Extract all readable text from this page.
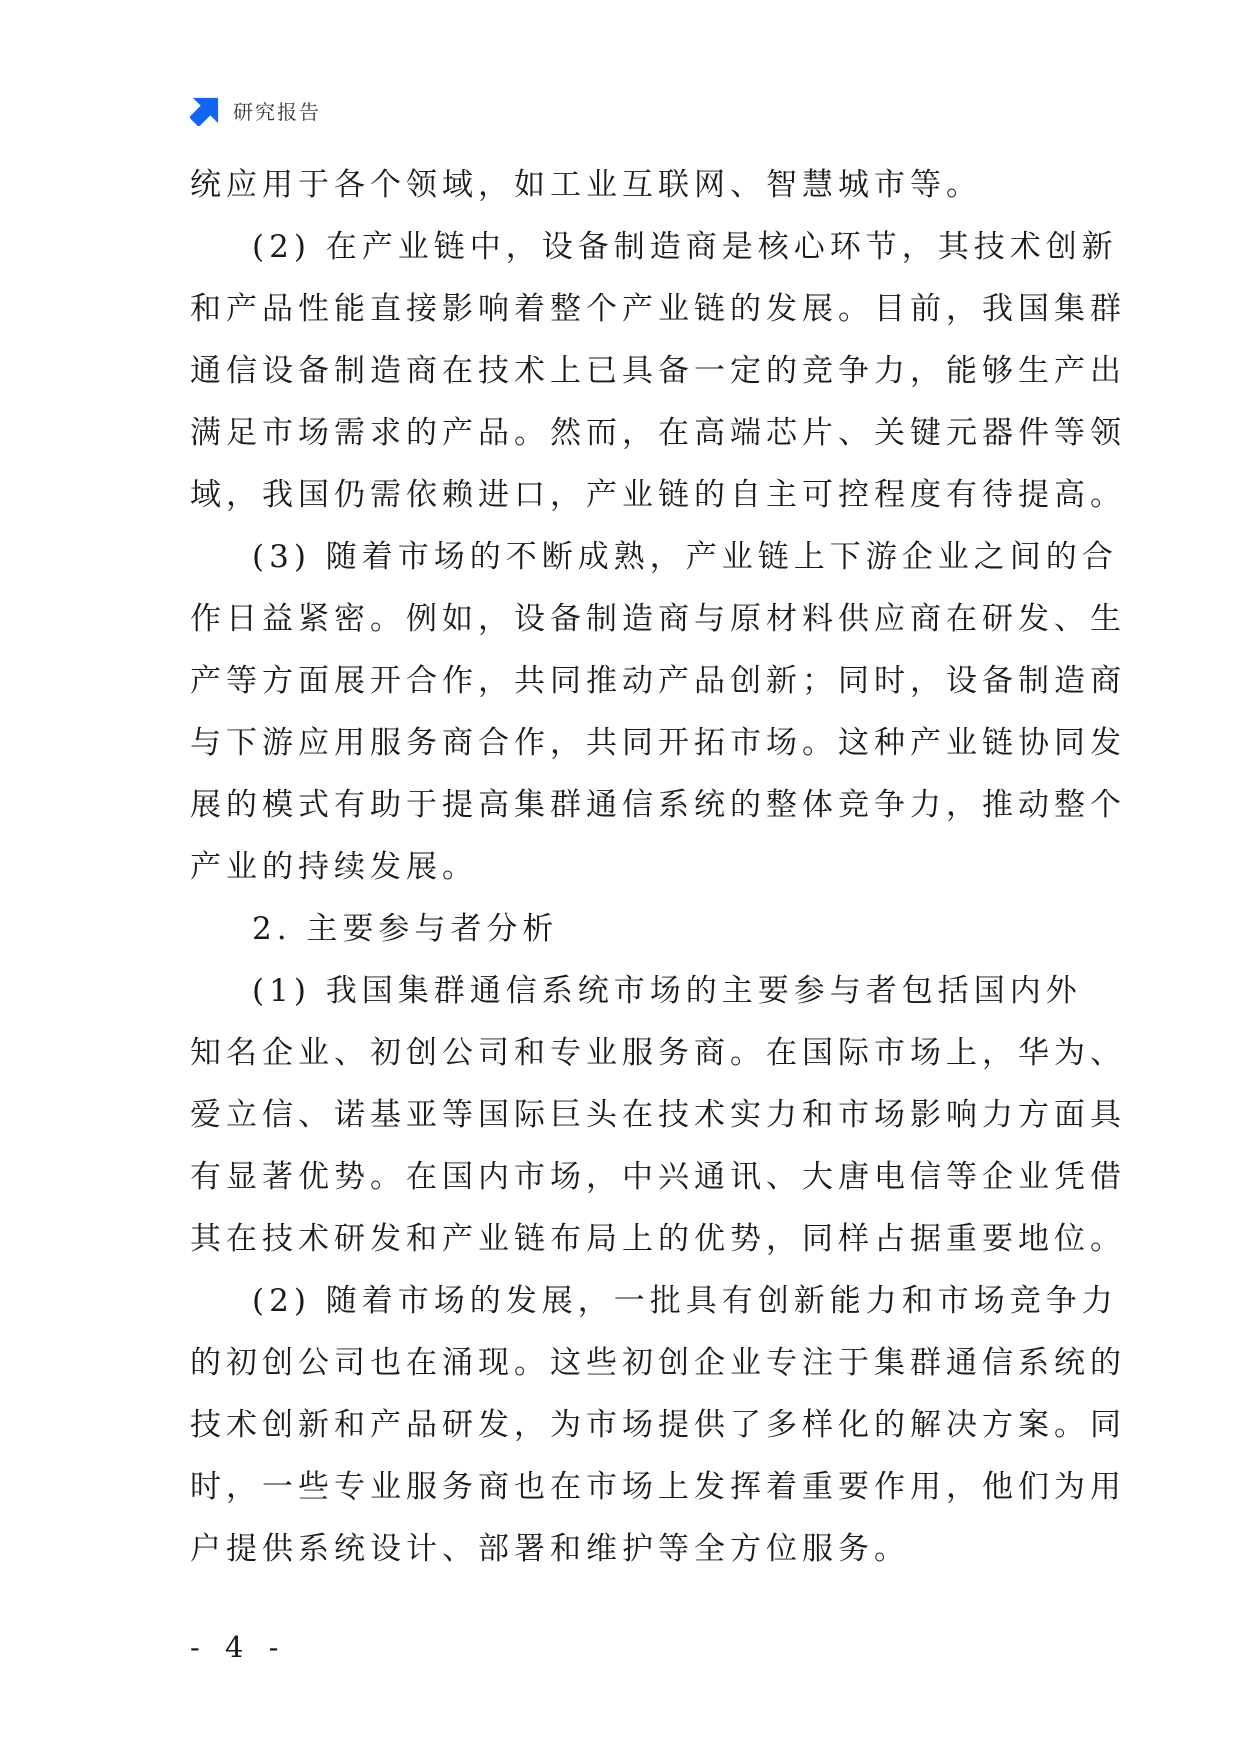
研究报告
统应用于各个领域，如工业互联网、智慧城市等。
(2) 在产业链中，设备制造商是核心环节，其技术创新
和产品性能直接影响着整个产业链的发展。目前，我国集群
通信设备制造商在技术上已具备一定的竞争力，能够生产出
满足市场需求的产品。然而，在高端芯片、关键元器件等领
域，我国仍需依赖进口，产业链的自主可控程度有待提高。
(3) 随着市场的不断成熟，产业链上下游企业之间的合
作日益紧密。例如，设备制造商与原材料供应商在研发、生
产等方面展开合作，共同推动产品创新；同时，设备制造商
与下游应用服务商合作，共同开拓市场。这种产业链协同发
展的模式有助于提高集群通信系统的整体竞争力，推动整个
产业的持续发展。
2. 主要参与者分析
(1) 我国集群通信系统市场的主要参与者包括国内外
知名企业、初创公司和专业服务商。在国际市场上，华为、
爱立信、诺基亚等国际巨头在技术实力和市场影响力方面具
有显著优势。在国内市场，中兴通讯、大唐电信等企业凭借
其在技术研发和产业链布局上的优势，同样占据重要地位。
(2) 随着市场的发展，一批具有创新能力和市场竞争力
的初创公司也在涌现。这些初创企业专注于集群通信系统的
技术创新和产品研发，为市场提供了多样化的解决方案。同
时，一些专业服务商也在市场上发挥着重要作用，他们为用
户提供系统设计、部署和维护等全方位服务。
- 4 -
